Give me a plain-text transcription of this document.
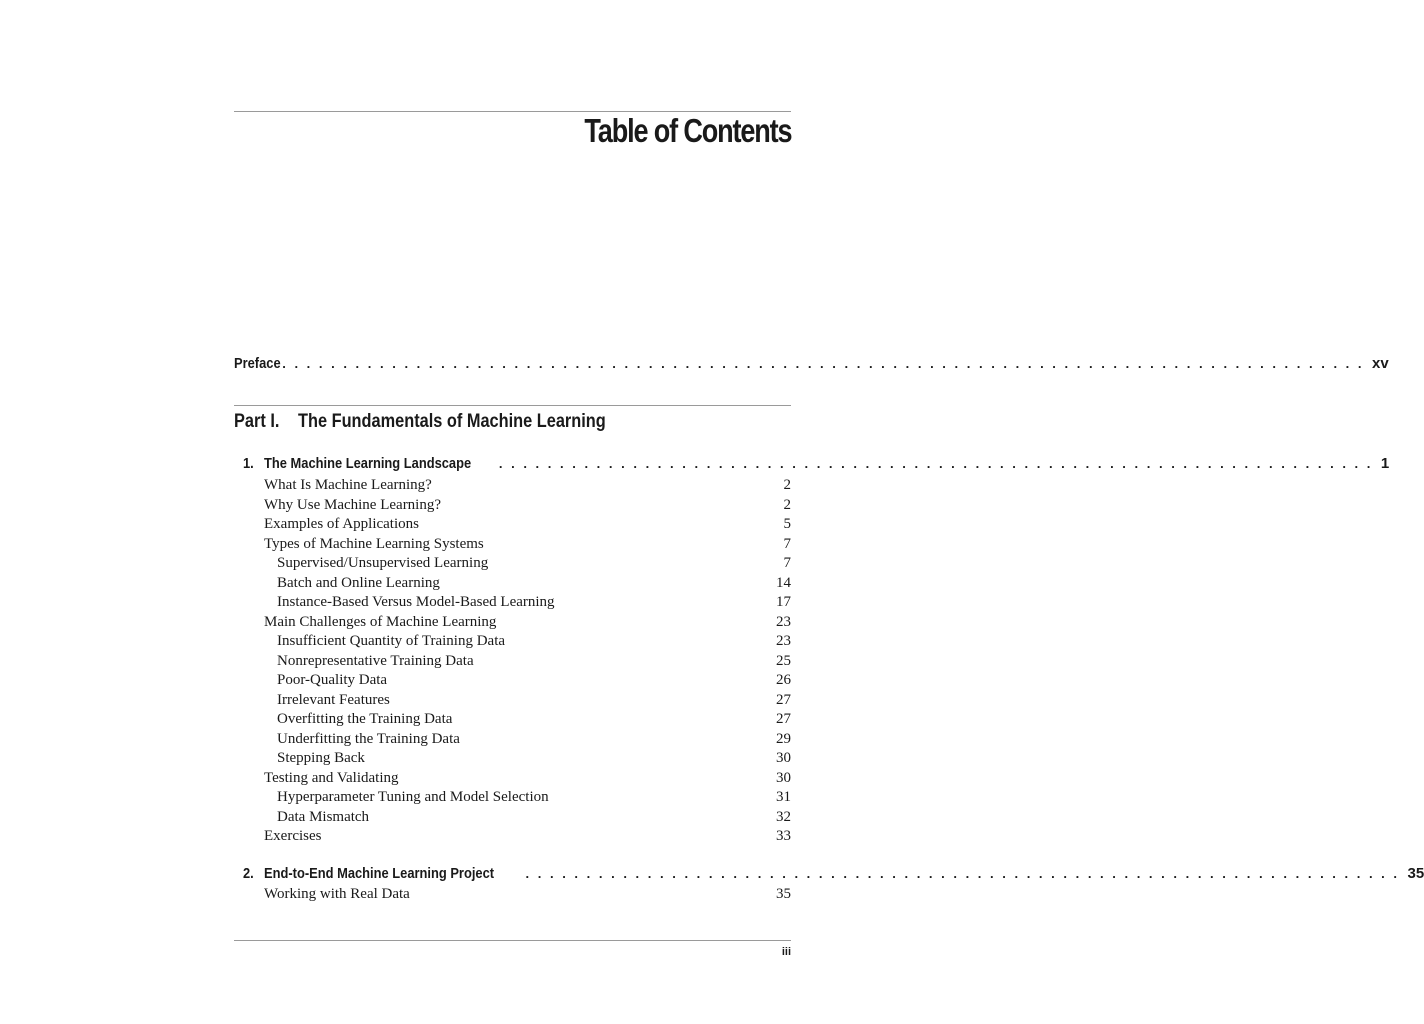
Table of Contents
Preface . . . . . . . . . . . . . . . . . . . . . . . . . . . . . . . . . . . . . . . . . . . . . . . . . . . . . . . . . . . . . . . . . . . . . . . . . . . . . . . . . . . . . . . . . xv
Part I. The Fundamentals of Machine Learning
1. The Machine Learning Landscape . . . . . . . . . . . . . . . . . . . . . . . . . . . . . . . . . . . . . . . . . . . . . . . . . . . . . . . . . . . . . . . . . . . . . . . . 1
What Is Machine Learning?	2
Why Use Machine Learning?	2
Examples of Applications	5
Types of Machine Learning Systems	7
Supervised/Unsupervised Learning	7
Batch and Online Learning	14
Instance-Based Versus Model-Based Learning	17
Main Challenges of Machine Learning	23
Insufficient Quantity of Training Data	23
Nonrepresentative Training Data	25
Poor-Quality Data	26
Irrelevant Features	27
Overfitting the Training Data	27
Underfitting the Training Data	29
Stepping Back	30
Testing and Validating	30
Hyperparameter Tuning and Model Selection	31
Data Mismatch	32
Exercises	33
2. End-to-End Machine Learning Project . . . . . . . . . . . . . . . . . . . . . . . . . . . . . . . . . . . . . . . . . . . . . . . . . . . . . . . . . . . . . . . . . . . . . . . . 35
Working with Real Data	35
iii
